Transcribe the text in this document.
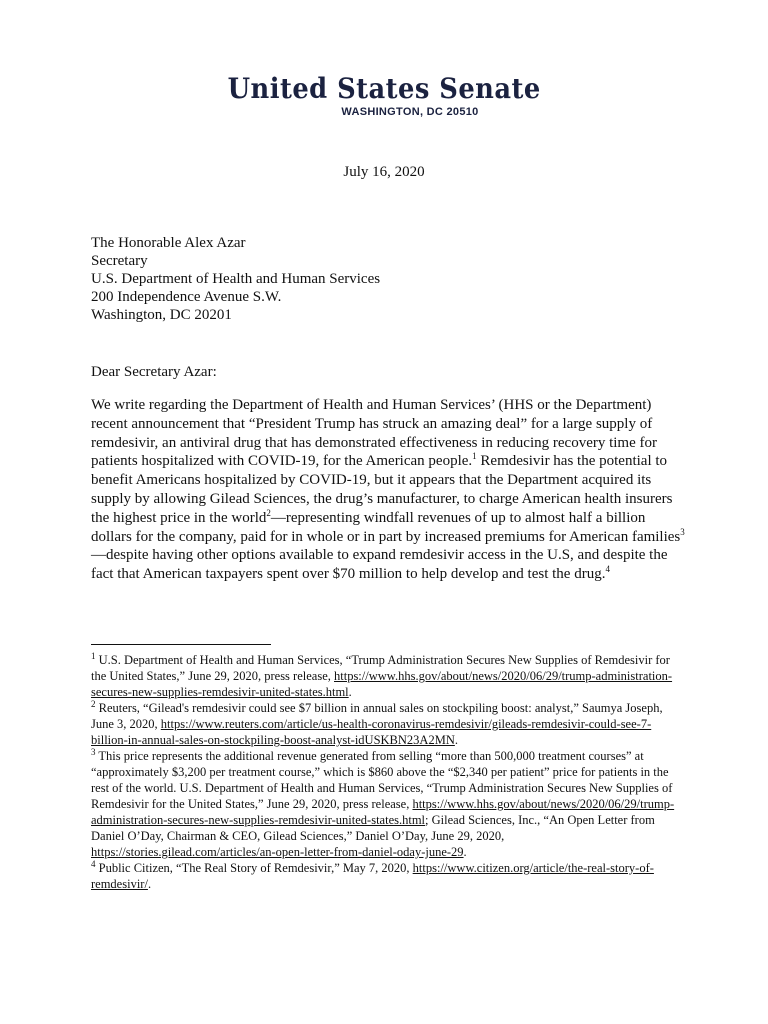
United States Senate
WASHINGTON, DC 20510
July 16, 2020
The Honorable Alex Azar
Secretary
U.S. Department of Health and Human Services
200 Independence Avenue S.W.
Washington, DC 20201
Dear Secretary Azar:
We write regarding the Department of Health and Human Services’ (HHS or the Department) recent announcement that “President Trump has struck an amazing deal” for a large supply of remdesivir, an antiviral drug that has demonstrated effectiveness in reducing recovery time for patients hospitalized with COVID-19, for the American people.$^1$ Remdesivir has the potential to benefit Americans hospitalized by COVID-19, but it appears that the Department acquired its supply by allowing Gilead Sciences, the drug’s manufacturer, to charge American health insurers the highest price in the world$^2$—representing windfall revenues of up to almost half a billion dollars for the company, paid for in whole or in part by increased premiums for American families$^3$—despite having other options available to expand remdesivir access in the U.S, and despite the fact that American taxpayers spent over $70 million to help develop and test the drug.$^4$

$^1$ U.S. Department of Health and Human Services, “Trump Administration Secures New Supplies of Remdesivir for the United States,” June 29, 2020, press release, https://www.hhs.gov/about/news/2020/06/29/trump-administration-secures-new-supplies-remdesivir-united-states.html.

$^2$ Reuters, “Gilead's remdesivir could see $7 billion in annual sales on stockpiling boost: analyst,” Saumya Joseph, June 3, 2020, https://www.reuters.com/article/us-health-coronavirus-remdesivir/gileads-remdesivir-could-see-7-billion-in-annual-sales-on-stockpiling-boost-analyst-idUSKBN23A2MN.

$^3$ This price represents the additional revenue generated from selling “more than 500,000 treatment courses” at “approximately $3,200 per treatment course,” which is $860 above the “$2,340 per patient” price for patients in the rest of the world. U.S. Department of Health and Human Services, “Trump Administration Secures New Supplies of Remdesivir for the United States,” June 29, 2020, press release, https://www.hhs.gov/about/news/2020/06/29/trump-administration-secures-new-supplies-remdesivir-united-states.html; Gilead Sciences, Inc., “An Open Letter from Daniel O’Day, Chairman & CEO, Gilead Sciences,” Daniel O’Day, June 29, 2020, https://stories.gilead.com/articles/an-open-letter-from-daniel-oday-june-29.

$^4$ Public Citizen, “The Real Story of Remdesivir,” May 7, 2020, https://www.citizen.org/article/the-real-story-of-remdesivir/.
